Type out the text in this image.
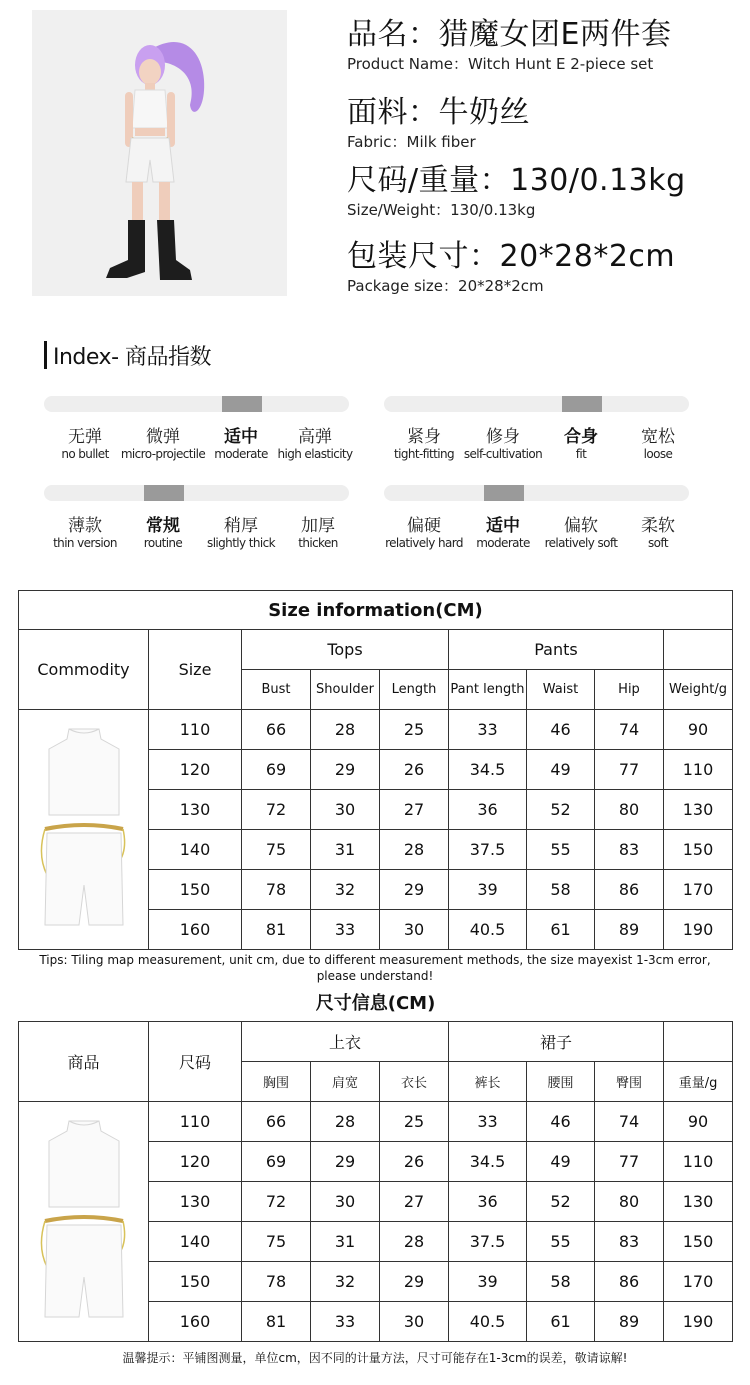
品名：猎魔女团E两件套
Product Name：Witch Hunt E 2-piece set
面料：牛奶丝
Fabric：Milk fiber
尺码/重量：130/0.13kg
Size/Weight：130/0.13kg
包装尺寸：20*28*2cm
Package size：20*28*2cm
Index- 商品指数
无弹
no bullet
微弹
micro-projectile
适中
moderate
高弹
high elasticity
紧身
tight-fitting
修身
self-cultivation
合身
fit
宽松
loose
薄款
thin version
常规
routine
稍厚
slightly thick
加厚
thicken
偏硬
relatively hard
适中
moderate
偏软
relatively soft
柔软
soft
Size information(CM)								
Commodity	Size	Tops			Pants			
		Bust	Shoulder	Length	Pant length	Waist	Hip	Weight/g

	110	66	28	25	33	46	74	90
	120	69	29	26	34.5	49	77	110
	130	72	30	27	36	52	80	130
	140	75	31	28	37.5	55	83	150
	150	78	32	29	39	58	86	170
	160	81	33	30	40.5	61	89	190
Tips: Tiling map measurement, unit cm, due to different measurement methods, the size mayexist 1-3cm error, please understand!
尺寸信息(CM)								
商品	尺码	上衣			裙子			
		胸围	肩宽	衣长	裤长	腰围	臀围	重量/g

	110	66	28	25	33	46	74	90
	120	69	29	26	34.5	49	77	110
	130	72	30	27	36	52	80	130
	140	75	31	28	37.5	55	83	150
	150	78	32	29	39	58	86	170
	160	81	33	30	40.5	61	89	190
温馨提示：平铺图测量，单位cm，因不同的计量方法，尺寸可能存在1-3cm的误差，敬请谅解!
